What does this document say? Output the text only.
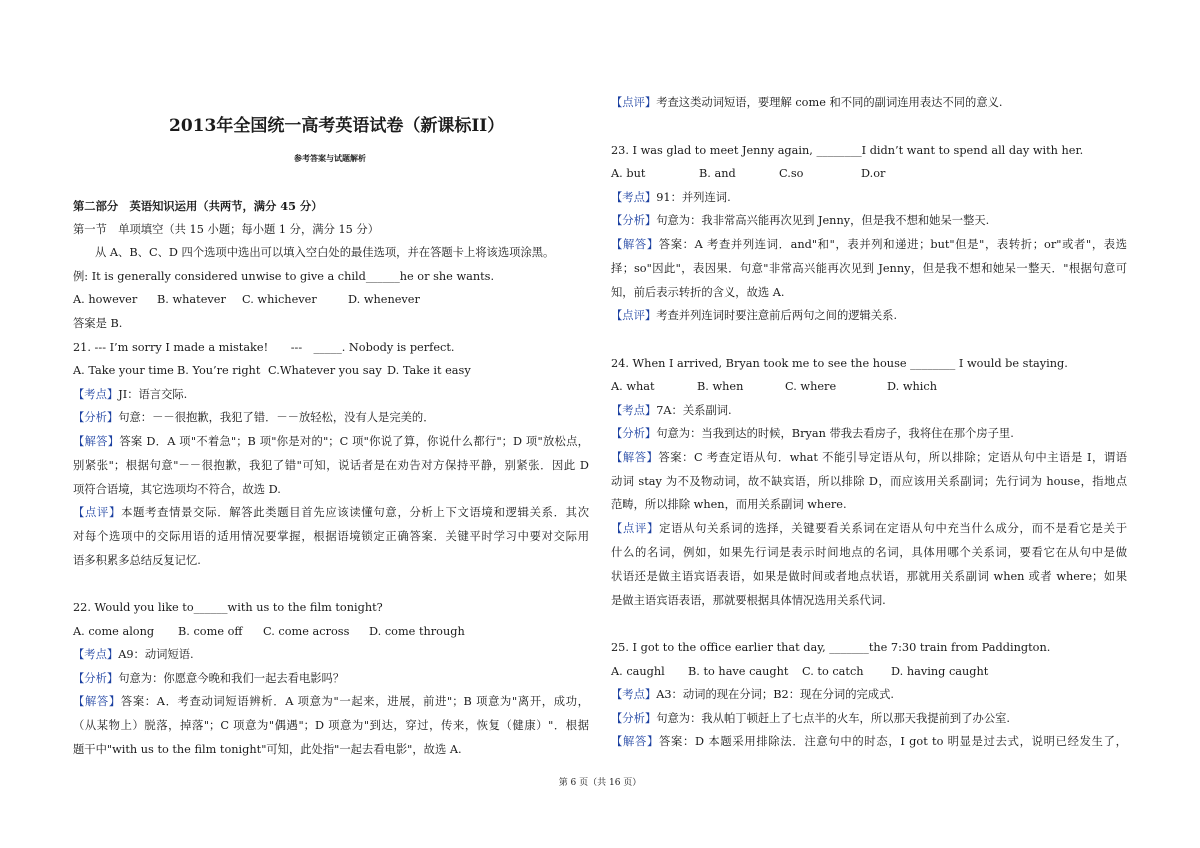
2013年全国统一高考英语试卷（新课标II）
参考答案与试题解析
第二部分　英语知识运用（共两节，满分 45 分）
第一节　单项填空（共 15 小题；每小题 1 分，满分 15 分）
从 A、B、C、D 四个选项中选出可以填入空白处的最佳选项，并在答题卡上将该选项涂黑。
例: It is generally considered unwise to give a child______he or she wants.
A. however B. whatever C. whichever	D. whenever
答案是 B.
21. --- I’m sorry I made a mistake!　　---　_____. Nobody is perfect.
A. Take your time B. You’re right C.Whatever you say D. Take it easy
【考点】JI：语言交际.
【分析】句意：－－很抱歉，我犯了错．－－放轻松，没有人是完美的．
【解答】答案 D．A 项"不着急"；B 项"你是对的"；C 项"你说了算，你说什么都行"；D 项"放松点，
别紧张"；根据句意"－－很抱歉，我犯了错"可知，说话者是在劝告对方保持平静，别紧张．因此 D
项符合语境，其它选项均不符合，故选 D.
【点评】本题考查情景交际．解答此类题目首先应该读懂句意，分析上下文语境和逻辑关系．其次
对每个选项中的交际用语的适用情况要掌握，根据语境锁定正确答案．关键平时学习中要对交际用
语多积累多总结反复记忆.
22. Would you like to______with us to the film tonight?
A. come along B. come off C. come across D. come through
【考点】A9：动词短语.
【分析】句意为：你愿意今晚和我们一起去看电影吗？
【解答】答案：A．考查动词短语辨析．A 项意为"一起来，进展，前进"；B 项意为"离开，成功，
（从某物上）脱落，掉落"；C 项意为"偶遇"；D 项意为"到达，穿过，传来，恢复（健康）"．根据
题干中"with us to the film tonight"可知，此处指"一起去看电影"，故选 A.
【点评】考查这类动词短语，要理解 come 和不同的副词连用表达不同的意义.
23. I was glad to meet Jenny again, ________I didn’t want to spend all day with her.
A. but	B. and	C.so	D.or
【考点】91：并列连词.
【分析】句意为：我非常高兴能再次见到 Jenny，但是我不想和她呆一整天.
【解答】答案：A 考查并列连词．and"和"，表并列和递进；but"但是"，表转折；or"或者"，表选
择；so"因此"，表因果．句意"非常高兴能再次见到 Jenny，但是我不想和她呆一整天．"根据句意可
知，前后表示转折的含义，故选 A.
【点评】考查并列连词时要注意前后两句之间的逻辑关系.
24. When I arrived, Bryan took me to see the house ________ I would be staying.
A. what	B. when	C. where	D. which
【考点】7A：关系副词.
【分析】句意为：当我到达的时候，Bryan 带我去看房子，我将住在那个房子里.
【解答】答案：C 考查定语从句．what 不能引导定语从句，所以排除；定语从句中主语是 I，谓语
动词 stay 为不及物动词，故不缺宾语，所以排除 D，而应该用关系副词；先行词为 house，指地点
范畴，所以排除 when，而用关系副词 where.
【点评】定语从句关系词的选择，关键要看关系词在定语从句中充当什么成分，而不是看它是关于
什么的名词，例如，如果先行词是表示时间地点的名词，具体用哪个关系词，要看它在从句中是做
状语还是做主语宾语表语，如果是做时间或者地点状语，那就用关系副词 when 或者 where；如果
是做主语宾语表语，那就要根据具体情况选用关系代词.
25. I got to the office earlier that day, _______the 7:30 train from Paddington.
A. caughl B. to have caught C. to catch D. having caught
【考点】A3：动词的现在分词；B2：现在分词的完成式.
【分析】句意为：我从帕丁顿赶上了七点半的火车，所以那天我提前到了办公室.
【解答】答案：D 本题采用排除法．注意句中的时态，I got to 明显是过去式，说明已经发生了，
第 6 页（共 16 页）
